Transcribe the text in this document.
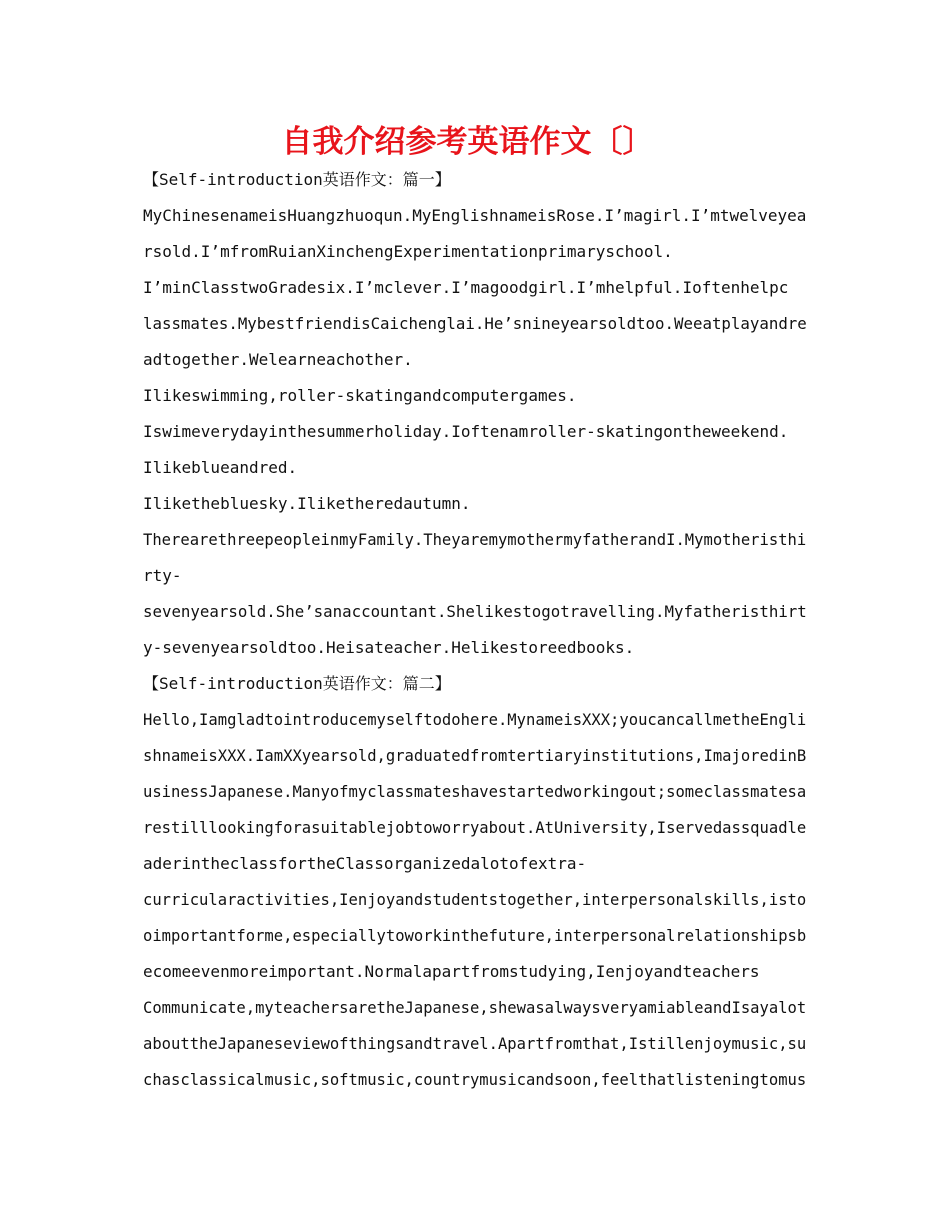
自我介绍参考英语作文〔〕
【Self-introduction英语作文：篇一】
MyChinesenameisHuangzhuoqun.MyEnglishnameisRose.I’magirl.I’mtwelveyea
rsold.I’mfromRuianXinchengExperimentationprimaryschool.
I’minClasstwoGradesix.I’mclever.I’magoodgirl.I’mhelpful.Ioftenhelpc
lassmates.MybestfriendisCaichenglai.He’snineyearsoldtoo.Weeatplayandre
adtogether.Welearneachother.
Ilikeswimming,roller-skatingandcomputergames.
Iswimeverydayinthesummerholiday.Ioftenamroller-skatingontheweekend.
Ilikeblueandred.
Ilikethebluesky.Iliketheredautumn.
TherearethreepeopleinmyFamily.TheyaremymothermyfatherandI.Mymotheristhi
rty-
sevenyearsold.She’sanaccountant.Shelikestogotravelling.Myfatheristhirt
y-sevenyearsoldtoo.Heisateacher.Helikestoreedbooks.
【Self-introduction英语作文：篇二】
Hello,Iamgladtointroducemyselftodohere.MynameisXXX;youcancallmetheEngli
shnameisXXX.IamXXyearsold,graduatedfromtertiaryinstitutions,ImajoredinB
usinessJapanese.Manyofmyclassmateshavestartedworkingout;someclassmatesa
restilllookingforasuitablejobtoworryabout.AtUniversity,Iservedassquadle
aderintheclassfortheClassorganizedalotofextra-
curricularactivities,Ienjoyandstudentstogether,interpersonalskills,isto
oimportantforme,especiallytoworkinthefuture,interpersonalrelationshipsb
ecomeevenmoreimportant.Normalapartfromstudying,Ienjoyandteachers
Communicate,myteachersaretheJapanese,shewasalwaysveryamiableandIsayalot
abouttheJapaneseviewofthingsandtravel.Apartfromthat,Istillenjoymusic,su
chasclassicalmusic,softmusic,countrymusicandsoon,feelthatlisteningtomus
